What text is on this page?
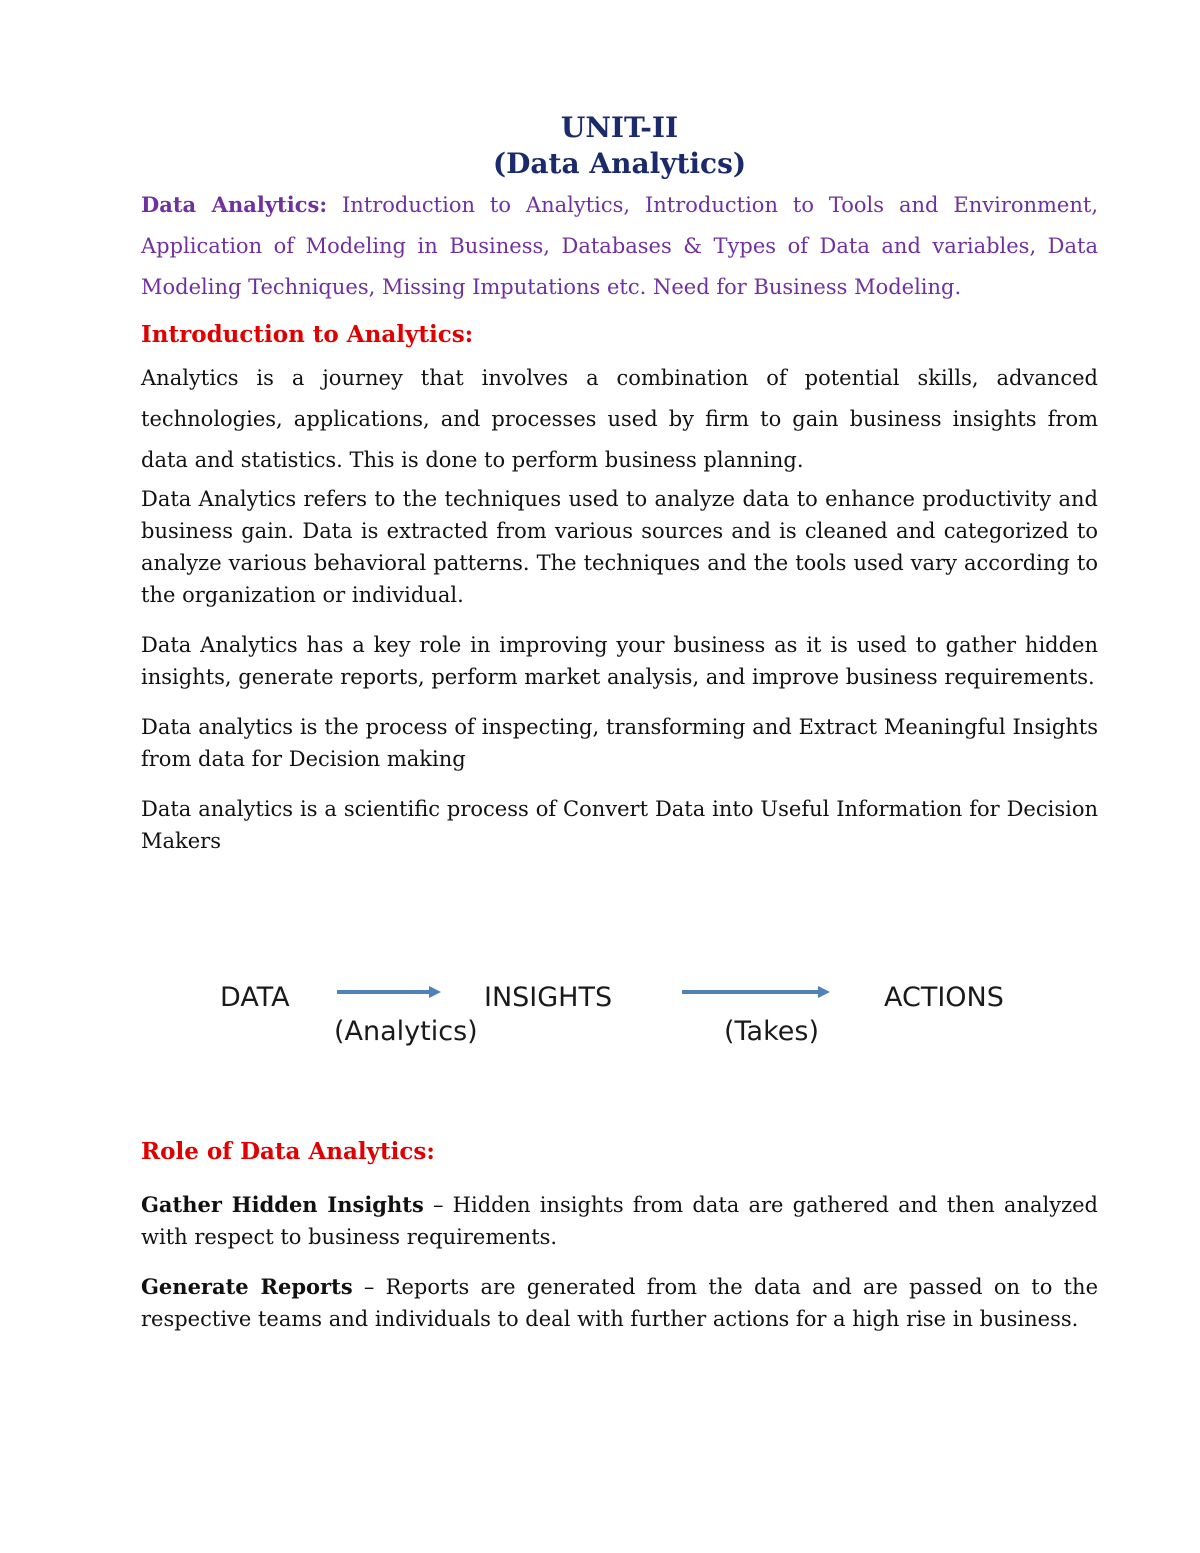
UNIT-II
(Data Analytics)

Data Analytics: Introduction to Analytics, Introduction to Tools and Environment, Application of Modeling in Business, Databases & Types of Data and variables, Data Modeling Techniques, Missing Imputations etc. Need for Business Modeling.

Introduction to Analytics:

Analytics is a journey that involves a combination of potential skills, advanced technologies, applications, and processes used by firm to gain business insights from data and statistics. This is done to perform business planning.

Data Analytics refers to the techniques used to analyze data to enhance productivity and business gain. Data is extracted from various sources and is cleaned and categorized to analyze various behavioral patterns. The techniques and the tools used vary according to the organization or individual.

Data Analytics has a key role in improving your business as it is used to gather hidden insights, generate reports, perform market analysis, and improve business requirements.

Data analytics is the process of inspecting, transforming and Extract Meaningful Insights from data for Decision making

Data analytics is a scientific process of Convert Data into Useful Information for Decision Makers

DATA	INSIGHTS	ACTIONS
(Analytics)	(Takes)
Role of Data Analytics:

Gather Hidden Insights – Hidden insights from data are gathered and then analyzed with respect to business requirements.

Generate Reports – Reports are generated from the data and are passed on to the respective teams and individuals to deal with further actions for a high rise in business.
